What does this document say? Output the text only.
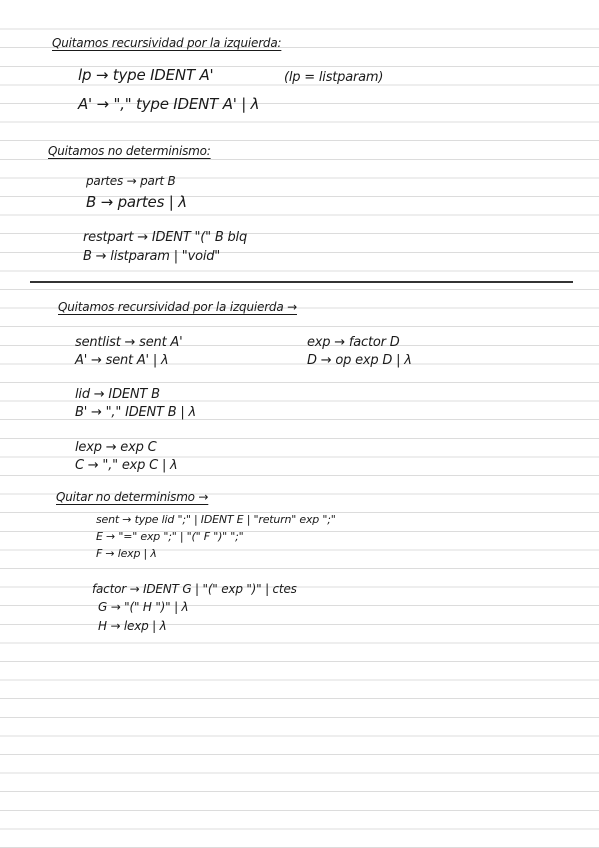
Quitamos recursividad por la izquierda:
lp → type IDENT A'	(lp = listparam)
A' → "," type IDENT A' | λ
Quitamos no determinismo:
partes → part B
B → partes | λ
restpart → IDENT "(" B blq
B → listparam | "void"
Quitamos recursividad por la izquierda →
sentlist → sent A'
A' → sent A' | λ
exp → factor D
D → op exp D | λ
lid → IDENT B
B' → "," IDENT B | λ
lexp → exp C
C → "," exp C | λ
Quitar no determinismo →
sent → type lid ";" | IDENT E | "return" exp ";"
E → "=" exp ";" | "(" F ")" ";"
F → lexp | λ
factor → IDENT G | "(" exp ")" | ctes
G → "(" H ")" | λ
H → lexp | λ
